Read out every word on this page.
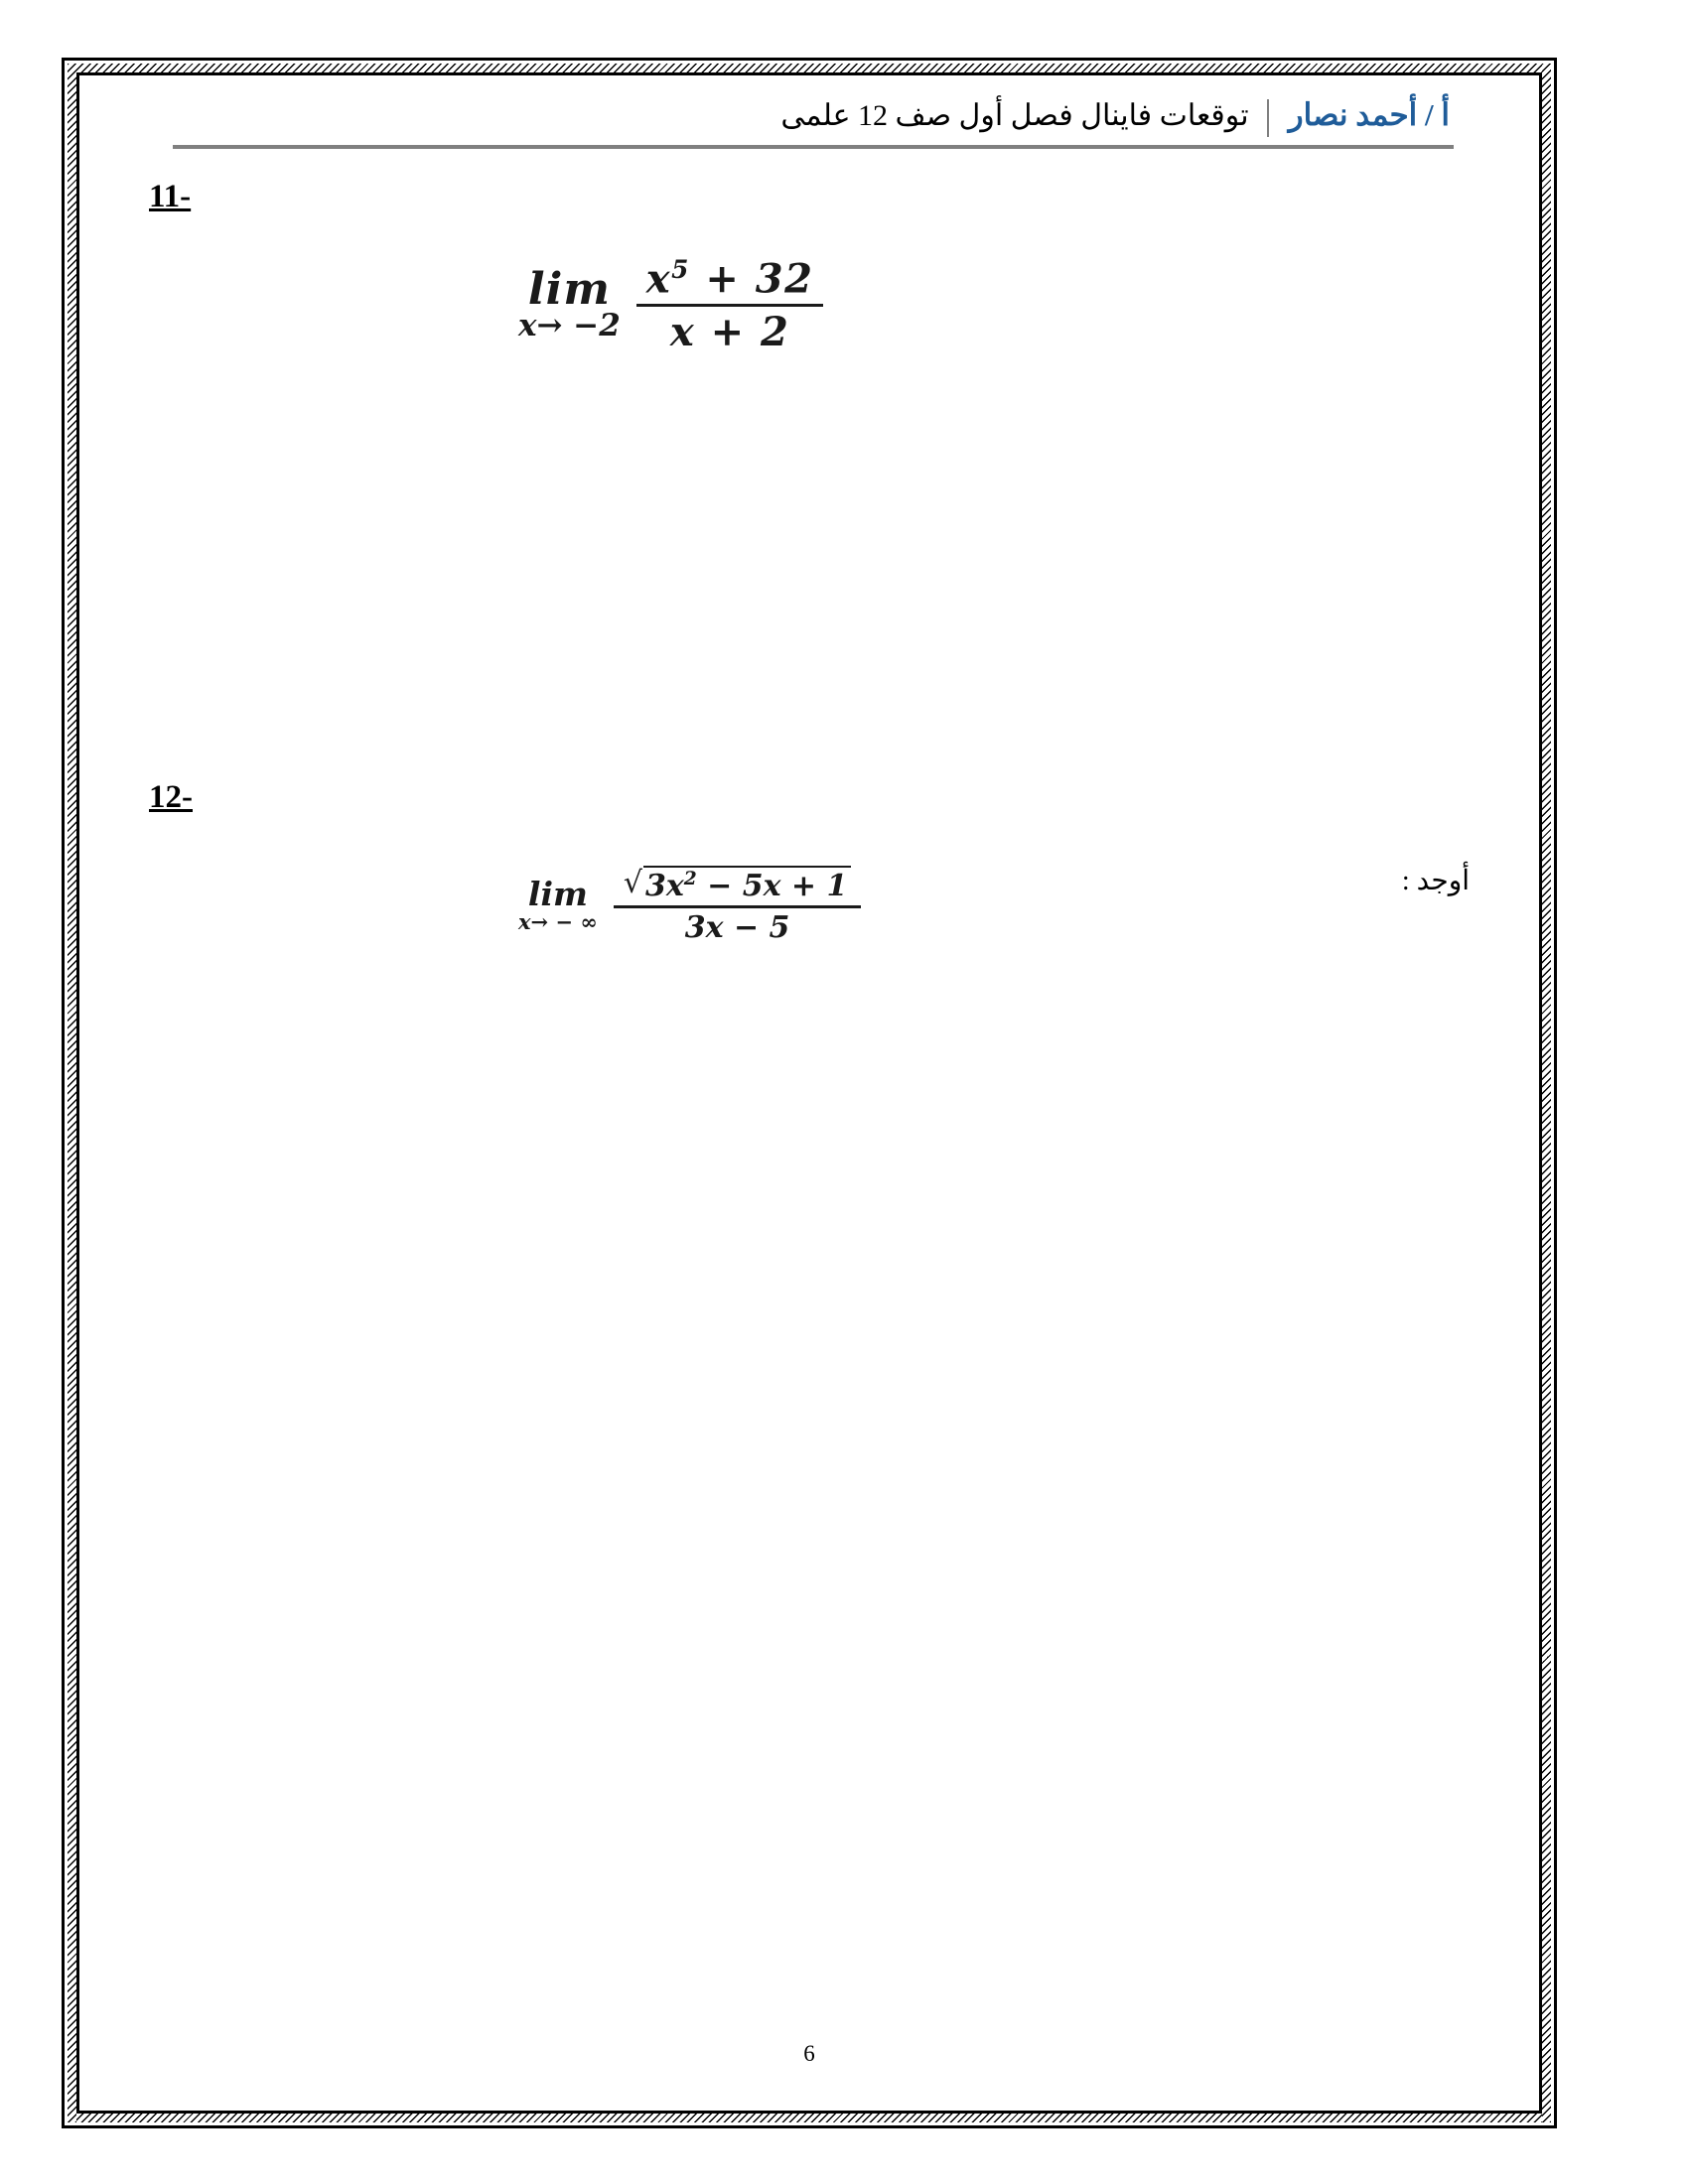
أ / أحمد نصار
توقعات فاينال فصل أول صف 12 علمى
11-
lim
$x\to -2 \frac{x^5 + 32}{x + 2}$
12-
أوجد :
lim
x→ − ∞ $\frac{√ 3x^2 - 5x + 1}{3x - 5}$
6
